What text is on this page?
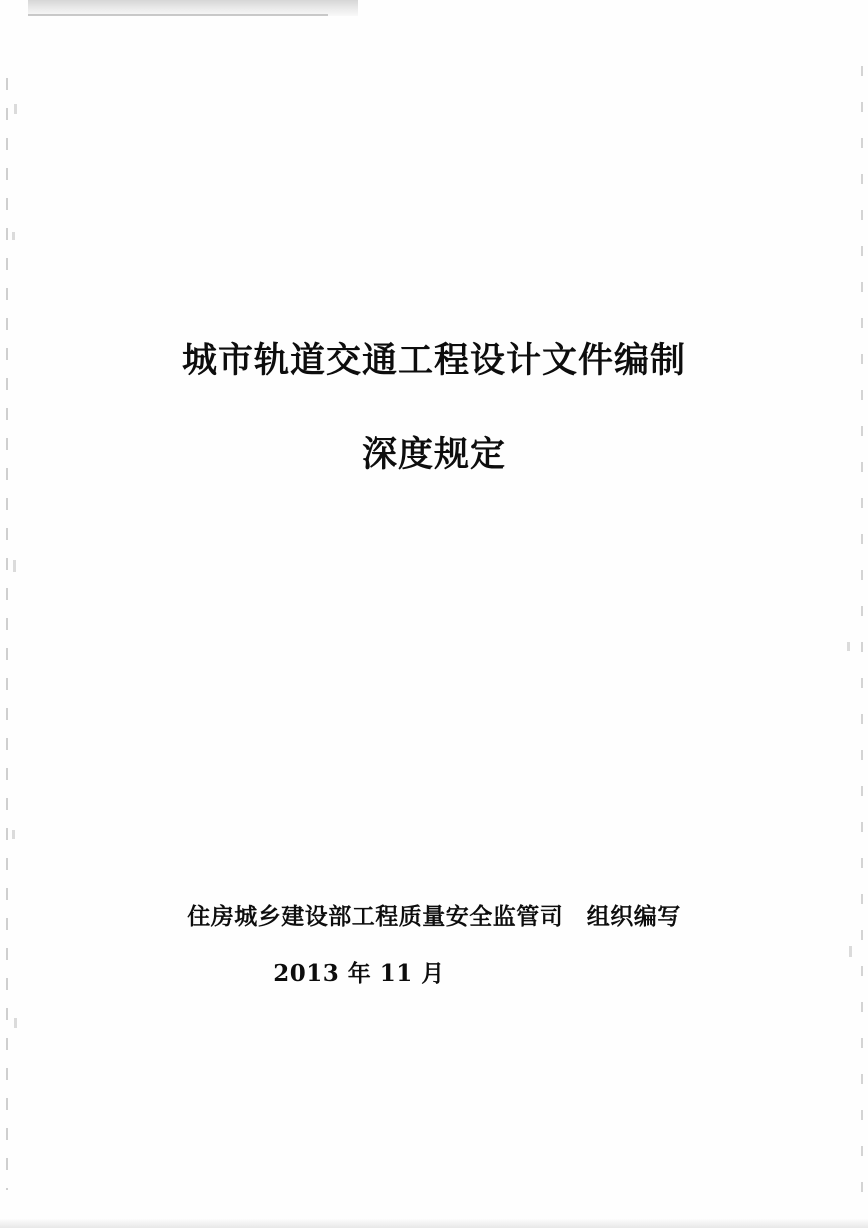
城市轨道交通工程设计文件编制
深度规定
住房城乡建设部工程质量安全监管司　组织编写
2013 年 11 月
